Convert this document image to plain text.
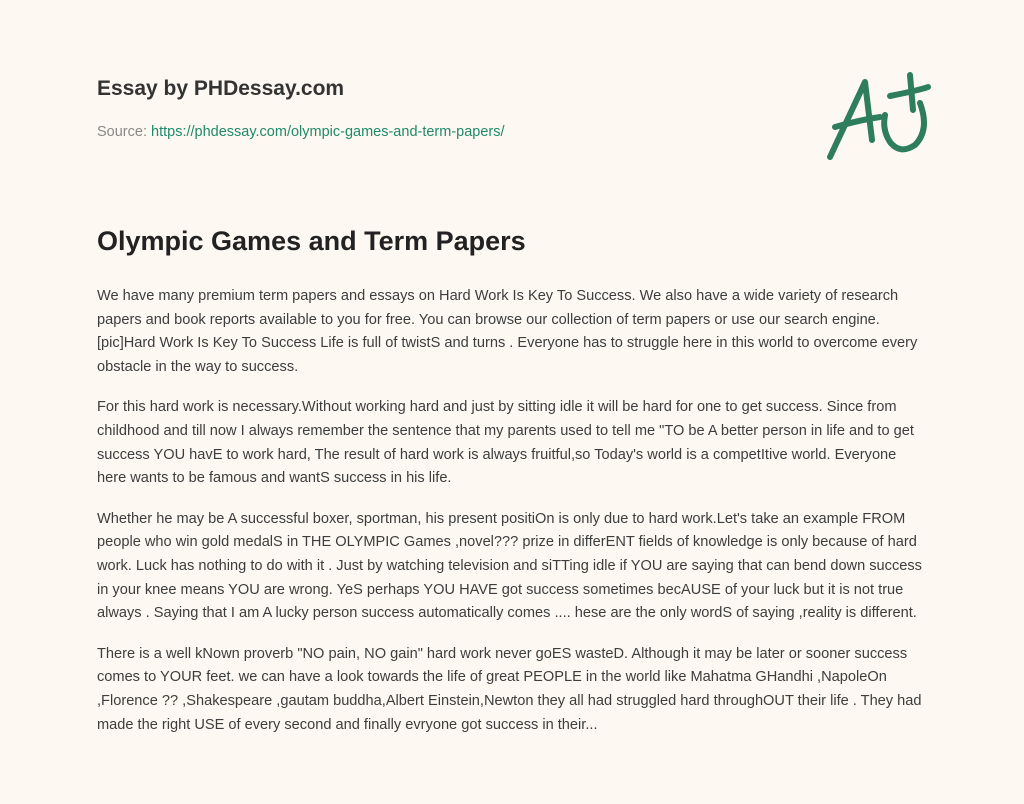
Essay by PHDessay.com
Source: https://phdessay.com/olympic-games-and-term-papers/
Olympic Games and Term Papers

We have many premium term papers and essays on Hard Work Is Key To Success. We also have a wide variety of research papers and book reports available to you for free. You can browse our collection of term papers or use our search engine. [pic]Hard Work Is Key To Success Life is full of twistS and turns . Everyone has to struggle here in this world to overcome every obstacle in the way to success.

For this hard work is necessary.Without working hard and just by sitting idle it will be hard for one to get success. Since from childhood and till now I always remember the sentence that my parents used to tell me "TO be A better person in life and to get success YOU havE to work hard, The result of hard work is always fruitful,so Today's world is a competItive world. Everyone here wants to be famous and wantS success in his life.

Whether he may be A successful boxer, sportman, his present positiOn is only due to hard work.Let's take an example FROM people who win gold medalS in THE OLYMPIC Games ,novel??? prize in differENT fields of knowledge is only because of hard work. Luck has nothing to do with it . Just by watching television and siTTing idle if YOU are saying that can bend down success in your knee means YOU are wrong. YeS perhaps YOU HAVE got success sometimes becAUSE of your luck but it is not true always . Saying that I am A lucky person success automatically comes .... hese are the only wordS of saying ,reality is different.

There is a well kNown proverb "NO pain, NO gain" hard work never goES wasteD. Although it may be later or sooner success comes to YOUR feet. we can have a look towards the life of great PEOPLE in the world like Mahatma GHandhi ,NapoleOn ,Florence ?? ,Shakespeare ,gautam buddha,Albert Einstein,Newton they all had struggled hard throughOUT their life . They had made the right USE of every second and finally evryone got success in their...
